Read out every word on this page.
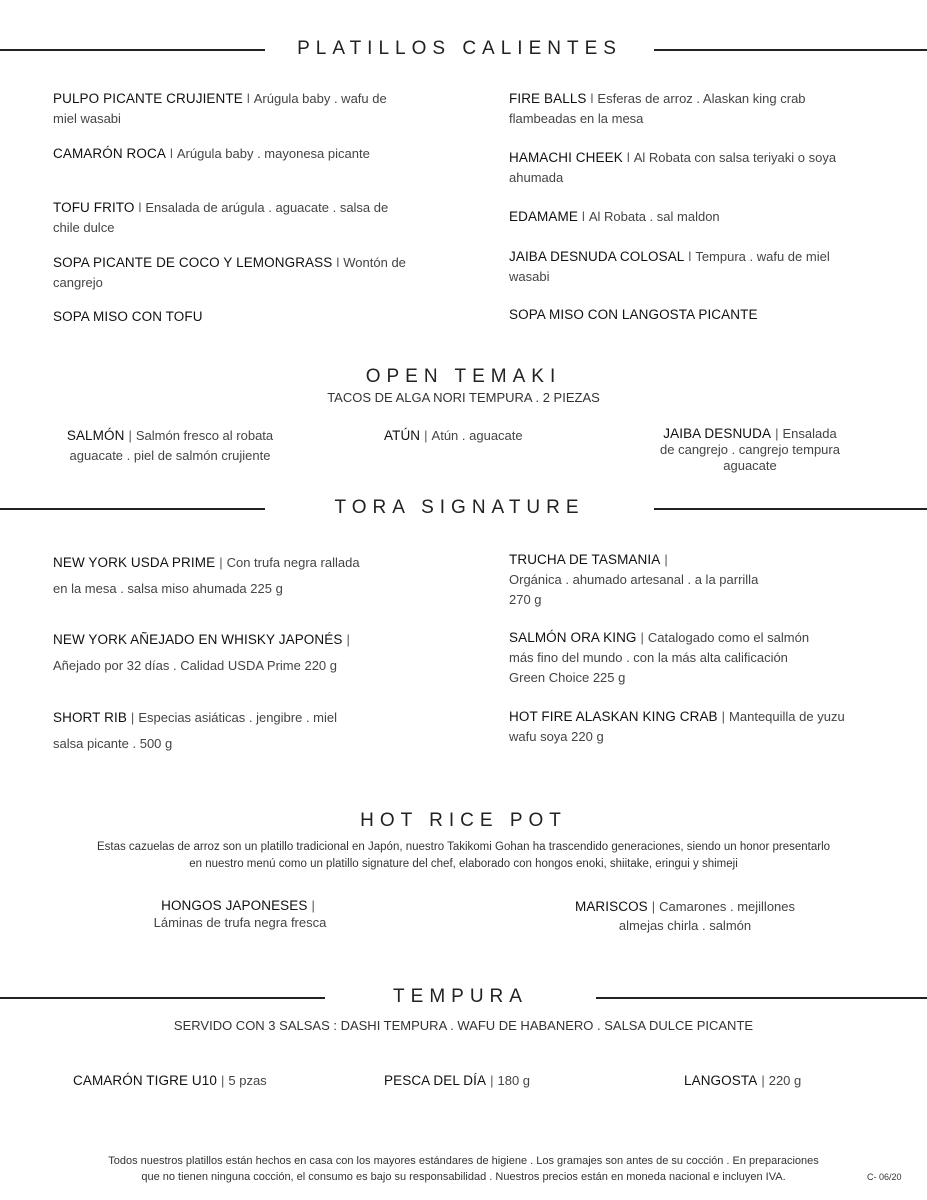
PLATILLOS CALIENTES
PULPO PICANTE CRUJIENTE l Arúgula baby . wafu de
miel wasabi
CAMARÓN ROCA l Arúgula baby . mayonesa picante
TOFU FRITO l Ensalada de arúgula . aguacate . salsa de
chile dulce
SOPA PICANTE DE COCO Y LEMONGRASS l Wontón de
cangrejo
SOPA MISO CON TOFU
FIRE BALLS l Esferas de arroz . Alaskan king crab
flambeadas en la mesa
HAMACHI CHEEK l Al Robata con salsa teriyaki o soya
ahumada
EDAMAME l Al Robata . sal maldon
JAIBA DESNUDA COLOSAL l Tempura . wafu de miel
wasabi
SOPA MISO CON LANGOSTA PICANTE
OPEN TEMAKI
TACOS DE ALGA NORI TEMPURA . 2 PIEZAS
SALMÓN | Salmón fresco al robata
aguacate . piel de salmón crujiente
ATÚN | Atún . aguacate	JAIBA DESNUDA | Ensalada
de cangrejo . cangrejo tempura
aguacate
TORA SIGNATURE
NEW YORK USDA PRIME | Con trufa negra rallada
en la mesa . salsa miso ahumada 225 g
NEW YORK AÑEJADO EN WHISKY JAPONÉS |
Añejado por 32 días . Calidad USDA Prime 220 g
SHORT RIB | Especias asiáticas . jengibre . miel
salsa picante . 500 g
TRUCHA DE TASMANIA |
Orgánica . ahumado artesanal . a la parrilla
270 g
SALMÓN ORA KING | Catalogado como el salmón
más fino del mundo . con la más alta calificación
Green Choice 225 g
HOT FIRE ALASKAN KING CRAB | Mantequilla de yuzu
wafu soya 220 g
HOT RICE POT
Estas cazuelas de arroz son un platillo tradicional en Japón, nuestro Takikomi Gohan ha trascendido generaciones, siendo un honor presentarlo
en nuestro menú como un platillo signature del chef, elaborado con hongos enoki, shiitake, eringui y shimeji
HONGOS JAPONESES |
Láminas de trufa negra fresca
MARISCOS | Camarones . mejillones
almejas chirla . salmón
TEMPURA
SERVIDO CON 3 SALSAS : DASHI TEMPURA . WAFU DE HABANERO . SALSA DULCE PICANTE
CAMARÓN TIGRE U10 | 5 pzas	PESCA DEL DÍA | 180 g	LANGOSTA | 220 g
Todos nuestros platillos están hechos en casa con los mayores estándares de higiene . Los gramajes son antes de su cocción . En preparaciones
que no tienen ninguna cocción, el consumo es bajo su responsabilidad . Nuestros precios están en moneda nacional e incluyen IVA.	C- 06/20
